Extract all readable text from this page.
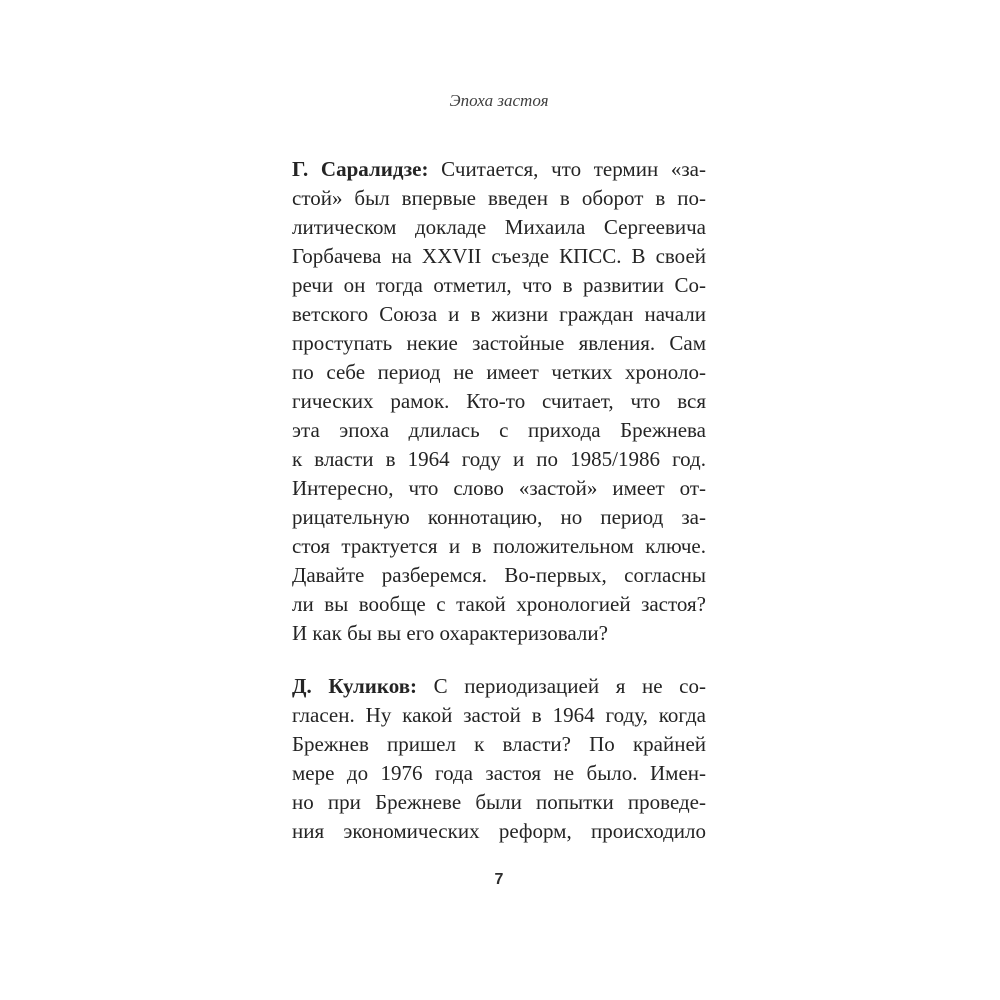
Эпоха застоя
Г. Саралидзе: Считается, что термин «за-
стой» был впервые введен в оборот в по-
литическом докладе Михаила Сергеевича
Горбачева на XXVII съезде КПСС. В своей
речи он тогда отметил, что в развитии Со-
ветского Союза и в жизни граждан начали
проступать некие застойные явления. Сам
по себе период не имеет четких хроноло-
гических рамок. Кто-то считает, что вся
эта эпоха длилась с прихода Брежнева
к власти в 1964 году и по 1985/1986 год.
Интересно, что слово «застой» имеет от-
рицательную коннотацию, но период за-
стоя трактуется и в положительном ключе.
Давайте разберемся. Во-первых, согласны
ли вы вообще с такой хронологией застоя?
И как бы вы его охарактеризовали?
Д. Куликов: С периодизацией я не со-
гласен. Ну какой застой в 1964 году, когда
Брежнев пришел к власти? По крайней
мере до 1976 года застоя не было. Имен-
но при Брежневе были попытки проведе-
ния экономических реформ, происходило
7
